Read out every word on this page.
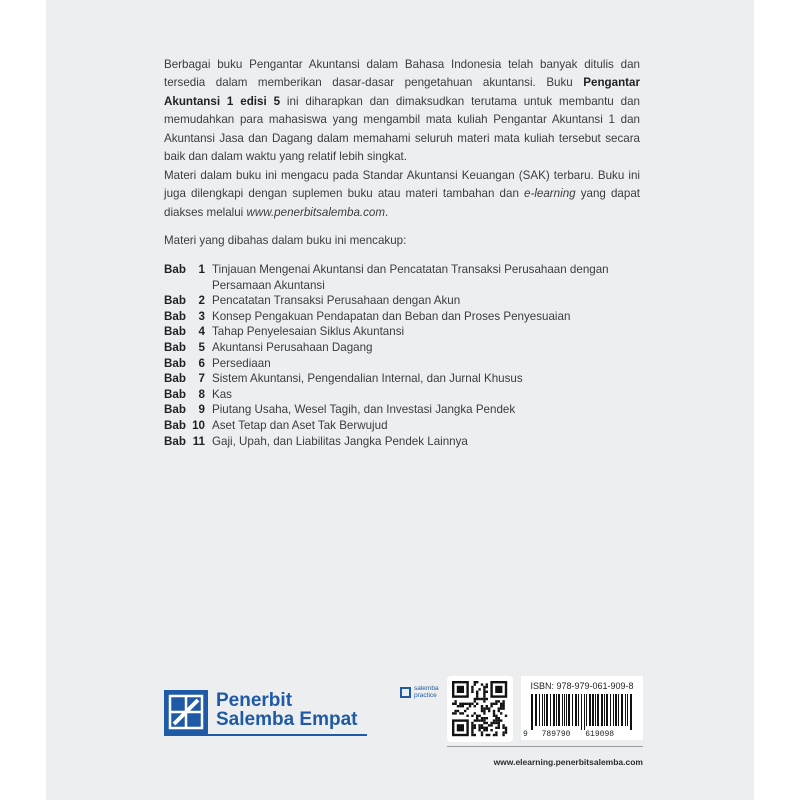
Berbagai buku Pengantar Akuntansi dalam Bahasa Indonesia telah banyak ditulis dan tersedia dalam memberikan dasar-dasar pengetahuan akuntansi. Buku Pengantar Akuntansi 1 edisi 5 ini diharapkan dan dimaksudkan terutama untuk membantu dan memudahkan para mahasiswa yang mengambil mata kuliah Pengantar Akuntansi 1 dan Akuntansi Jasa dan Dagang dalam memahami seluruh materi mata kuliah tersebut secara baik dan dalam waktu yang relatif lebih singkat.

Materi dalam buku ini mengacu pada Standar Akuntansi Keuangan (SAK) terbaru. Buku ini juga dilengkapi dengan suplemen buku atau materi tambahan dan e-learning yang dapat diakses melalui www.penerbitsalemba.com.

Materi yang dibahas dalam buku ini mencakup:

Bab	1 Tinjauan Mengenai Akuntansi dan Pencatatan Transaksi Perusahaan dengan Persamaan Akuntansi
Bab	2 Pencatatan Transaksi Perusahaan dengan Akun
Bab	3 Konsep Pengakuan Pendapatan dan Beban dan Proses Penyesuaian
Bab	4 Tahap Penyelesaian Siklus Akuntansi
Bab	5 Akuntansi Perusahaan Dagang
Bab	6 Persediaan
Bab	7 Sistem Akuntansi, Pengendalian Internal, dan Jurnal Khusus
Bab	8 Kas
Bab	9 Piutang Usaha, Wesel Tagih, dan Investasi Jangka Pendek
Bab 10 Aset Tetap dan Aset Tak Berwujud
Bab 11 Gaji, Upah, dan Liabilitas Jangka Pendek Lainnya
Penerbit
Salemba Empat
salemba
practice
ISBN: 978-979-061-909-8
9 789790 619098
www.elearning.penerbitsalemba.com
